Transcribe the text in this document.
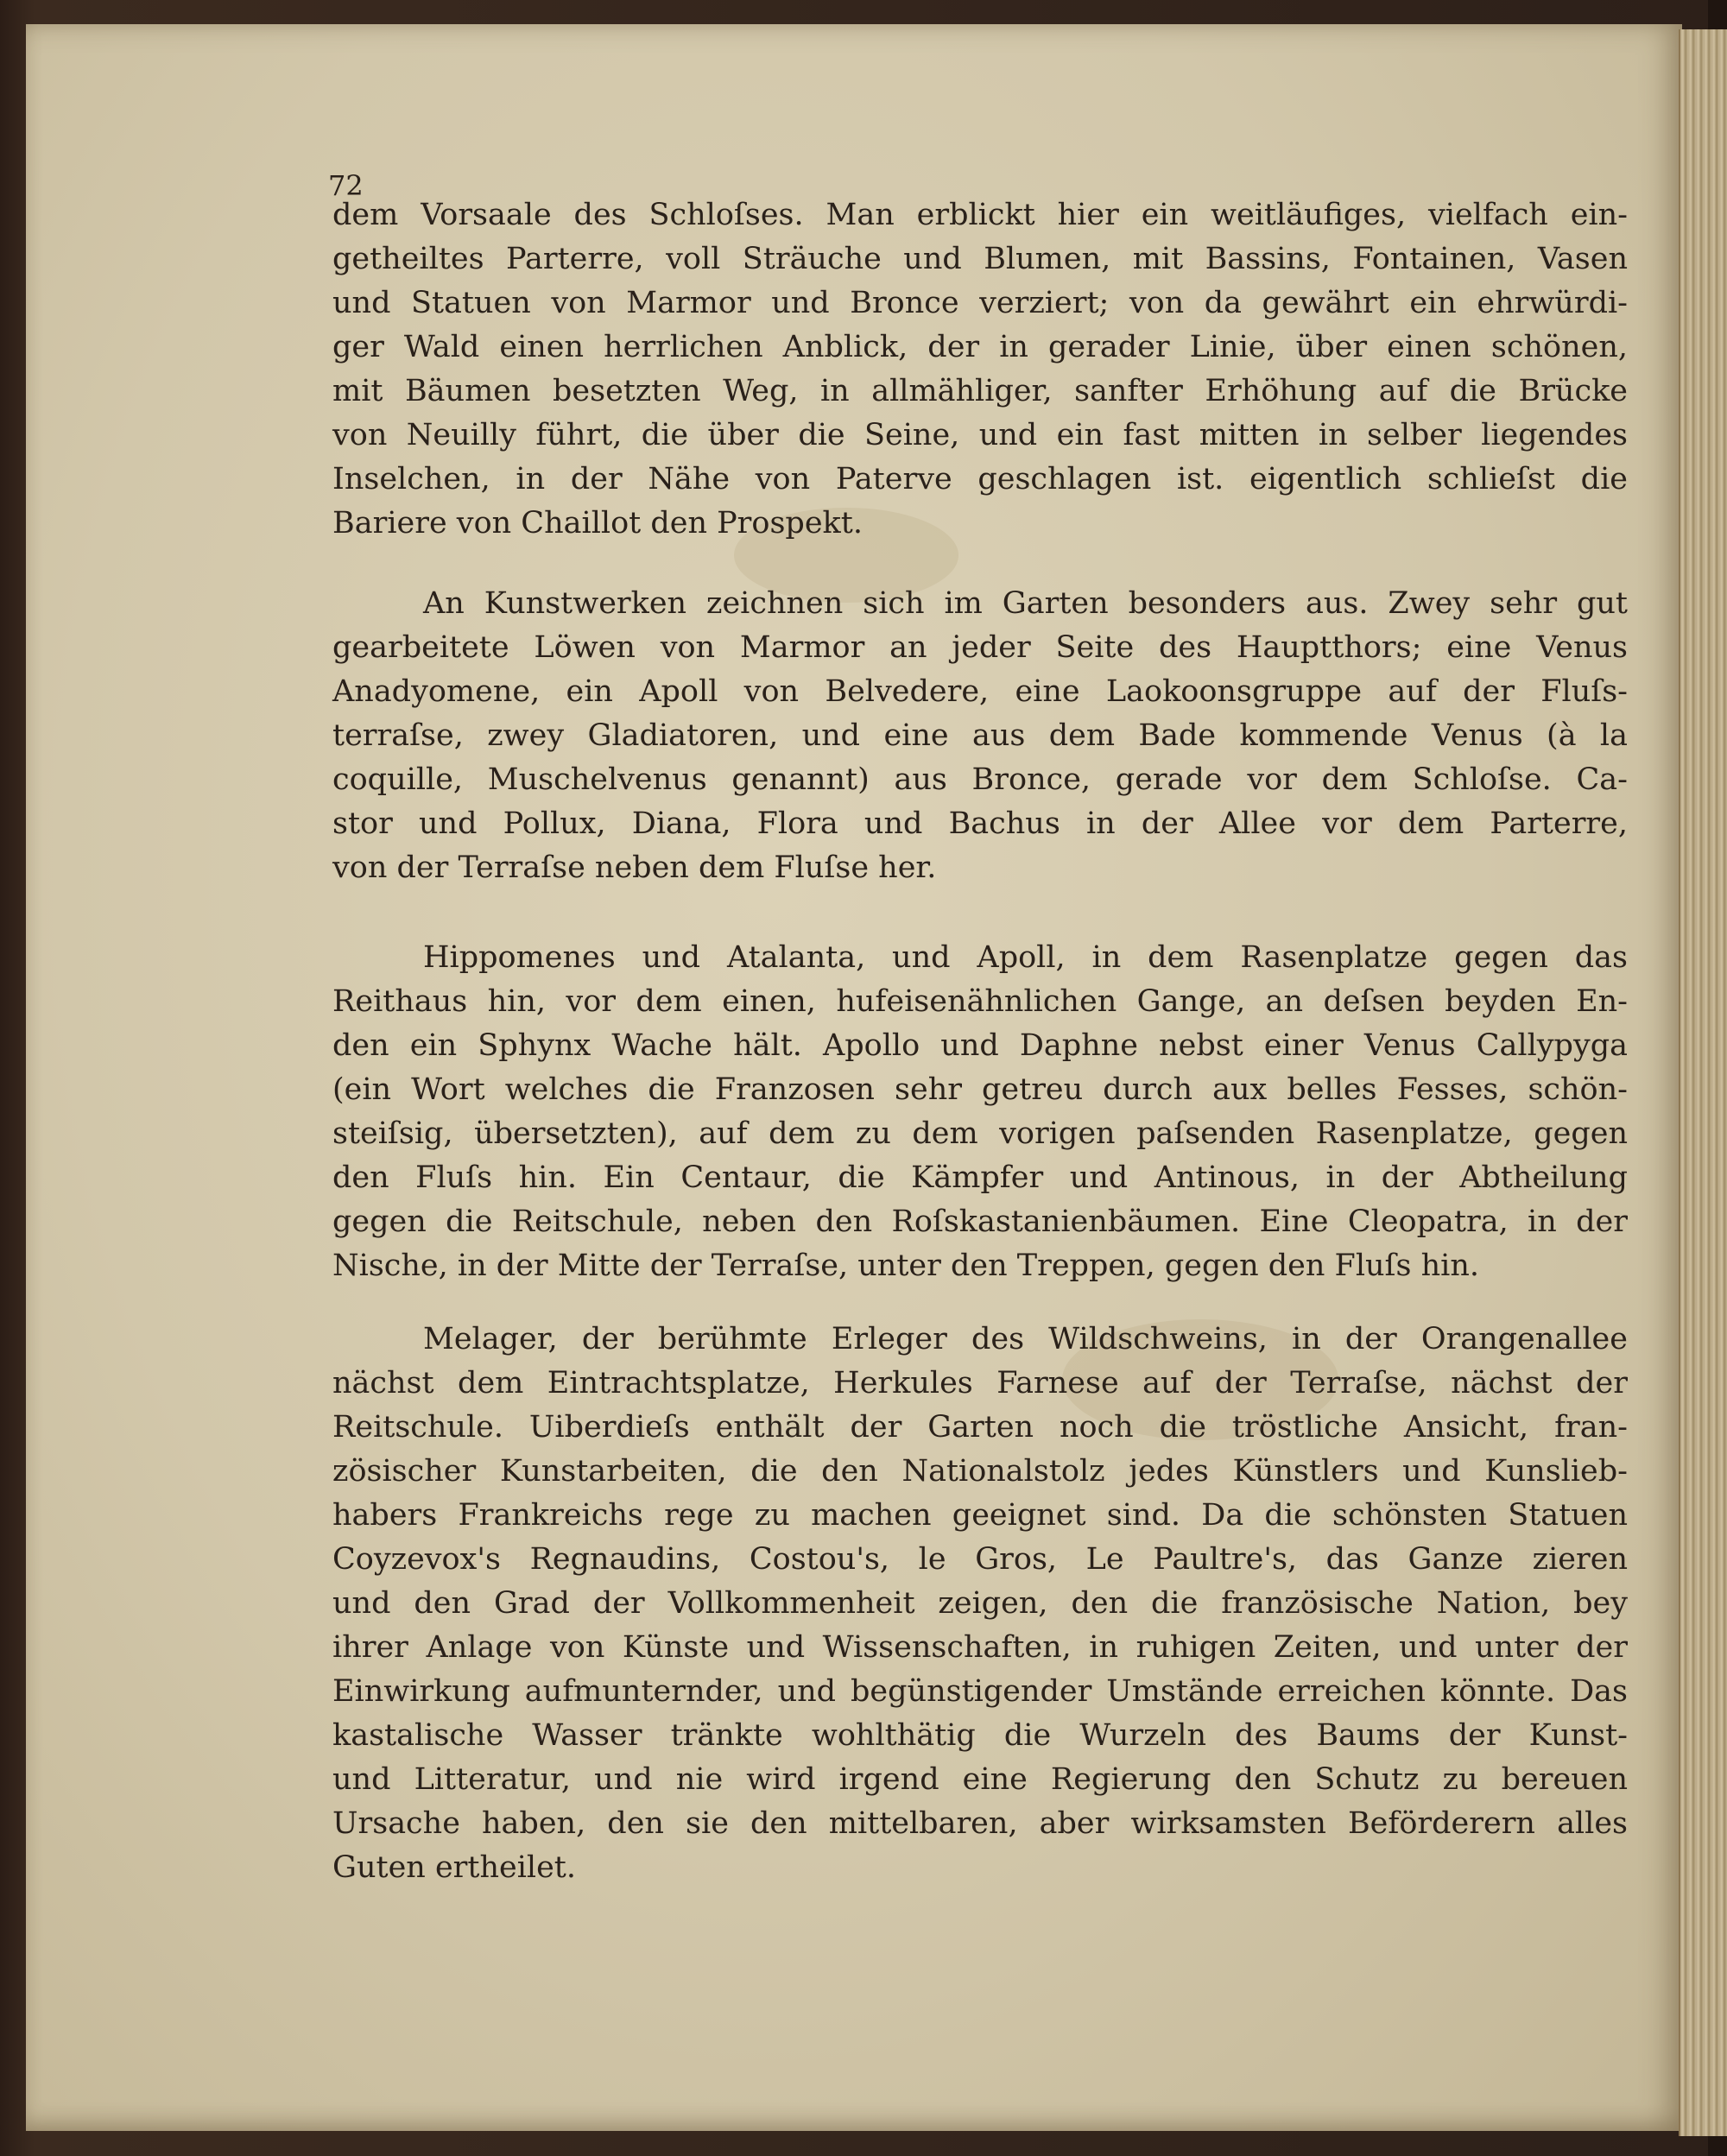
72
dem Vorsaale des Schloſses. Man erblickt hier ein weitläufiges, vielfach ein-
getheiltes Parterre, voll Sträuche und Blumen, mit Bassins, Fontainen, Vasen
und Statuen von Marmor und Bronce verziert; von da gewährt ein ehrwürdi-
ger Wald einen herrlichen Anblick, der in gerader Linie, über einen schönen,
mit Bäumen besetzten Weg, in allmähliger, sanfter Erhöhung auf die Brücke
von Neuilly führt, die über die Seine, und ein fast mitten in selber liegendes
Inselchen, in der Nähe von Paterve geschlagen ist. eigentlich schlieſst die
Bariere von Chaillot den Prospekt.
An Kunstwerken zeichnen sich im Garten besonders aus. Zwey sehr gut
gearbeitete Löwen von Marmor an jeder Seite des Hauptthors; eine Venus
Anadyomene, ein Apoll von Belvedere, eine Laokoonsgruppe auf der Fluſs-
terraſse, zwey Gladiatoren, und eine aus dem Bade kommende Venus (à la
coquille, Muschelvenus genannt) aus Bronce, gerade vor dem Schloſse. Ca-
stor und Pollux, Diana, Flora und Bachus in der Allee vor dem Parterre,
von der Terraſse neben dem Fluſse her.
Hippomenes und Atalanta, und Apoll, in dem Rasenplatze gegen das
Reithaus hin, vor dem einen, hufeisenähnlichen Gange, an deſsen beyden En-
den ein Sphynx Wache hält. Apollo und Daphne nebst einer Venus Callypyga
(ein Wort welches die Franzosen sehr getreu durch aux belles Fesses, schön-
steiſsig, übersetzten), auf dem zu dem vorigen paſsenden Rasenplatze, gegen
den Fluſs hin. Ein Centaur, die Kämpfer und Antinous, in der Abtheilung
gegen die Reitschule, neben den Roſskastanienbäumen. Eine Cleopatra, in der
Nische, in der Mitte der Terraſse, unter den Treppen, gegen den Fluſs hin.
Melager, der berühmte Erleger des Wildschweins, in der Orangenallee
nächst dem Eintrachtsplatze, Herkules Farnese auf der Terraſse, nächst der
Reitschule. Uiberdieſs enthält der Garten noch die tröstliche Ansicht, fran-
zösischer Kunstarbeiten, die den Nationalstolz jedes Künstlers und Kunslieb-
habers Frankreichs rege zu machen geeignet sind. Da die schönsten Statuen
Coyzevox's Regnaudins, Costou's, le Gros, Le Paultre's, das Ganze zieren
und den Grad der Vollkommenheit zeigen, den die französische Nation, bey
ihrer Anlage von Künste und Wissenschaften, in ruhigen Zeiten, und unter der
Einwirkung aufmunternder, und begünstigender Umstände erreichen könnte. Das
kastalische Wasser tränkte wohlthätig die Wurzeln des Baums der Kunst-
und Litteratur, und nie wird irgend eine Regierung den Schutz zu bereuen
Ursache haben, den sie den mittelbaren, aber wirksamsten Beförderern alles
Guten ertheilet.
